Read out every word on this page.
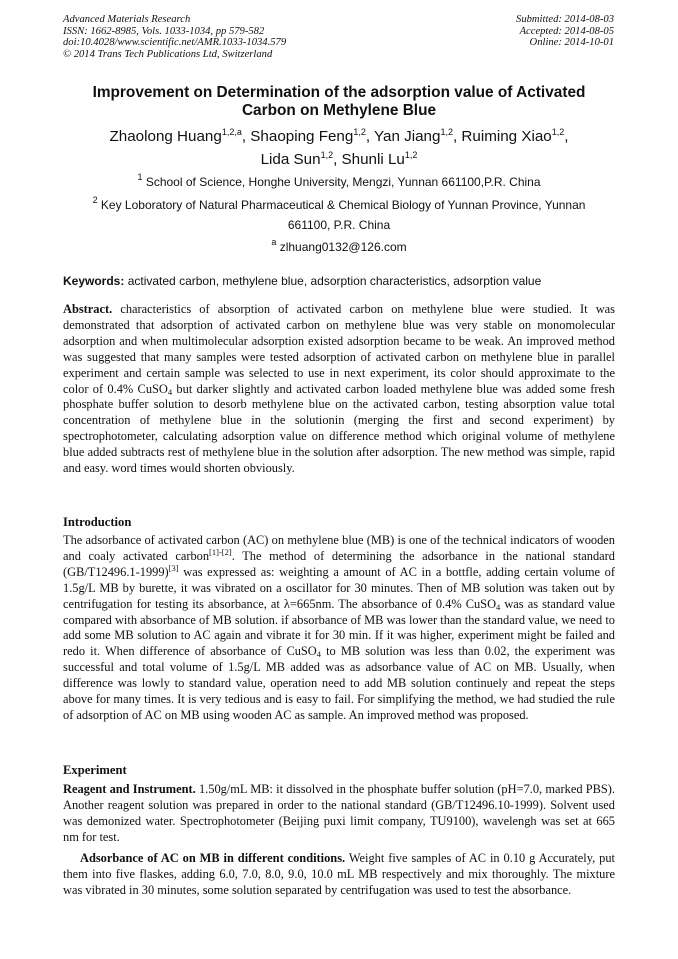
Advanced Materials Research
ISSN: 1662-8985, Vols. 1033-1034, pp 579-582
doi:10.4028/www.scientific.net/AMR.1033-1034.579
© 2014 Trans Tech Publications Ltd, Switzerland
Submitted: 2014-08-03
Accepted: 2014-08-05
Online: 2014-10-01
Improvement on Determination of the adsorption value of Activated
Carbon on Methylene Blue
Zhaolong Huang$^{1,2,a}$, Shaoping Feng$^{1,2}$, Yan Jiang$^{1,2}$, Ruiming Xiao$^{1,2}$,
Lida Sun$^{1,2}$, Shunli Lu$^{1,2}$
$^1$ School of Science, Honghe University, Mengzi, Yunnan 661100,P.R. China
$^2$ Key Loboratory of Natural Pharmaceutical & Chemical Biology of Yunnan Province, Yunnan
661100, P.R. China
$^a$ zlhuang0132@126.com
Keywords: activated carbon, methylene blue, adsorption characteristics, adsorption value
Abstract. characteristics of absorption of activated carbon on methylene blue were studied. It was demonstrated that adsorption of activated carbon on methylene blue was very stable on monomolecular adsorption and when multimolecular adsorption existed adsorption became to be weak. An improved method was suggested that many samples were tested adsorption of activated carbon on methylene blue in parallel experiment and certain sample was selected to use in next experiment, its color should approximate to the color of 0.4% CuSO$_4$ but darker slightly and activated carbon loaded methylene blue was added some fresh phosphate buffer solution to desorb methylene blue on the activated carbon, testing absorption value total concentration of methylene blue in the solutionin (merging the first and second experiment) by spectrophotometer, calculating adsorption value on difference method which original volume of methylene blue added subtracts rest of methylene blue in the solution after adsorption. The new method was simple, rapid and easy. word times would shorten obviously.
Introduction
The adsorbance of activated carbon (AC) on methylene blue (MB) is one of the technical indicators of wooden and coaly activated carbon[1]-[2]. The method of determining the adsorbance in the national standard (GB/T12496.1-1999)[3] was expressed as: weighting a amount of AC in a bottfle, adding certain volume of 1.5g/L MB by burette, it was vibrated on a oscillator for 30 minutes. Then of MB solution was taken out by centrifugation for testing its absorbance, at λ=665nm. The absorbance of 0.4% CuSO$_4$ was as standard value compared with absorbance of MB solution. if absorbance of MB was lower than the standard value, we need to add some MB solution to AC again and vibrate it for 30 min. If it was higher, experiment might be failed and redo it. When difference of absorbance of CuSO$_4$ to MB solution was less than 0.02, the experiment was successful and total volume of 1.5g/L MB added was as adsorbance value of AC on MB. Usually, when difference was lowly to standard value, operation need to add MB solution continuely and repeat the steps above for many times. It is very tedious and is easy to fail. For simplifying the method, we had studied the rule of adsorption of AC on MB using wooden AC as sample. An improved method was proposed.
Experiment
Reagent and Instrument. 1.50g/mL MB: it dissolved in the phosphate buffer solution (pH=7.0, marked PBS). Another reagent solution was prepared in order to the national standard (GB/T12496.10-1999). Solvent used was demonized water. Spectrophotometer (Beijing puxi limit company, TU9100), wavelengh was set at 665 nm for test.
Adsorbance of AC on MB in different conditions. Weight five samples of AC in 0.10 g Accurately, put them into five flaskes, adding 6.0, 7.0, 8.0, 9.0, 10.0 mL MB respectively and mix thoroughly. The mixture was vibrated in 30 minutes, some solution separated by centrifugation was used to test the absorbance.
